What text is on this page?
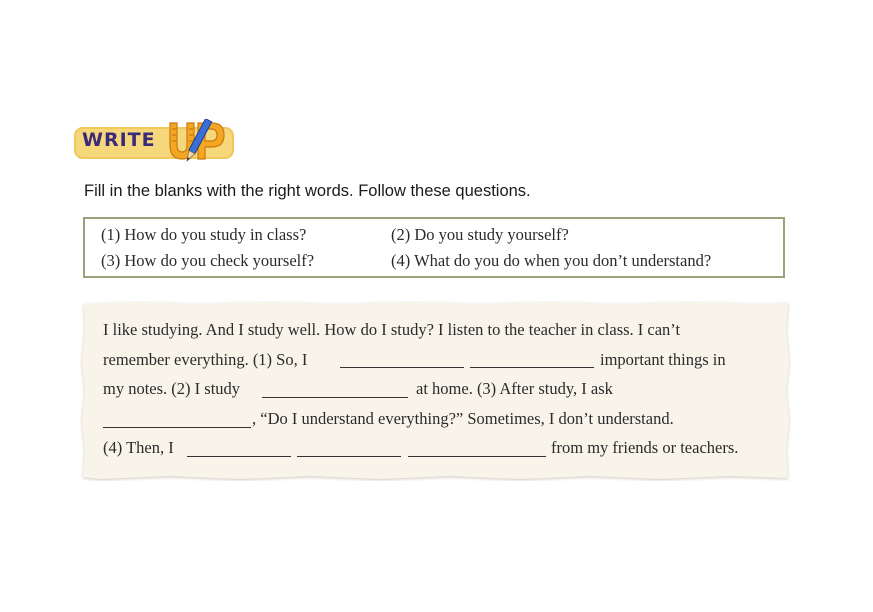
WRITE
Fill in the blanks with the right words. Follow these questions.
(1) How do you study in class?	(2) Do you study yourself?
(3) How do you check yourself?	(4) What do you do when you don’t understand?
I like studying. And I study well. How do I study? I listen to the teacher in class. I can’t
remember everything. (1) So, I	important things in
my notes. (2) I study	at home. (3) After study, I ask
, “Do I understand everything?” Sometimes, I don’t understand.
(4) Then, I	from my friends or teachers.
